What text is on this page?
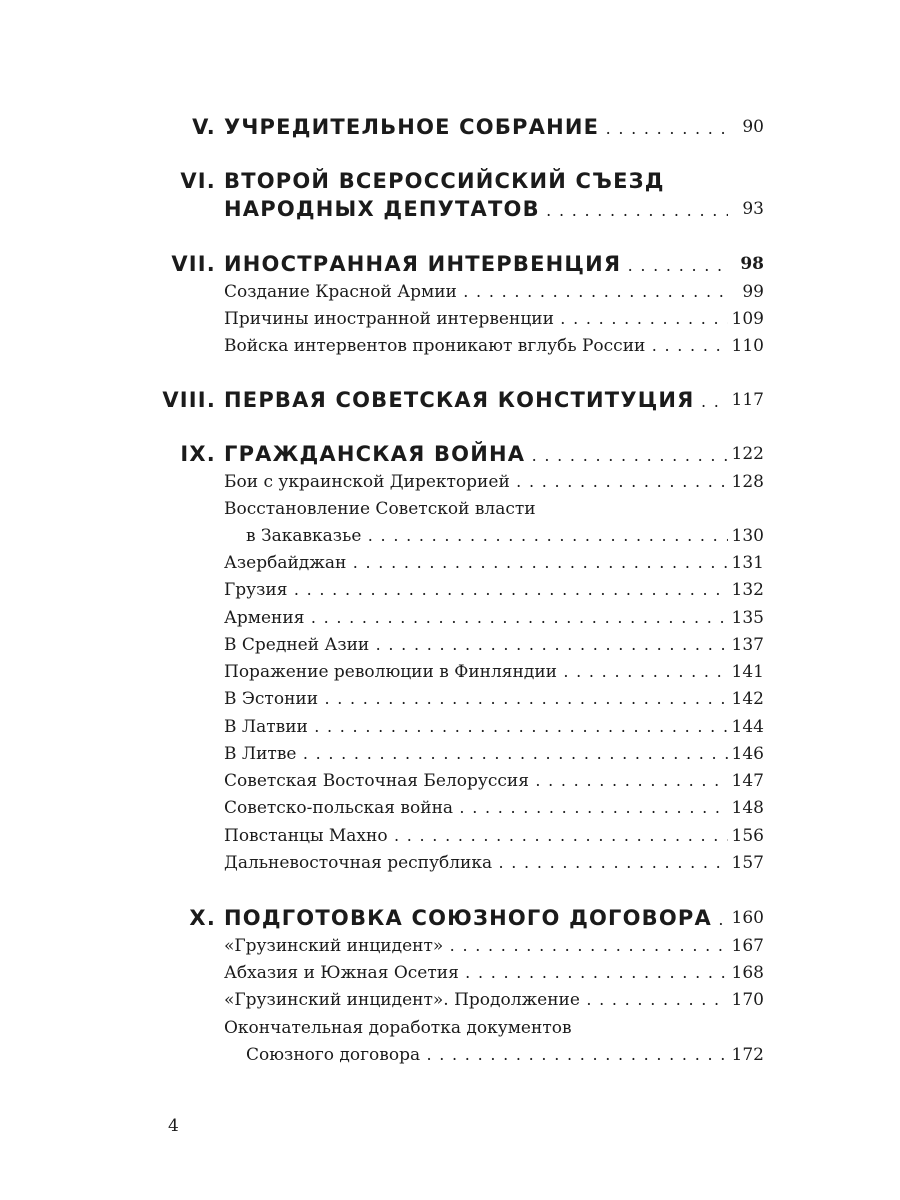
V. УЧРЕДИТЕЛЬНОЕ СОБРАНИЕ . . .	90
VI. ВТОРОЙ ВСЕРОССИЙСКИЙ СЪЕЗД
НАРОДНЫХ ДЕПУТАТОВ . . .	93
VII. ИНОСТРАННАЯ ИНТЕРВЕНЦИЯ . . .	98
Создание Красной Армии . . .	99
Причины иностранной интервенции . . .	109
Войска интервентов проникают вглубь России . . .	110
VIII. ПЕРВАЯ СОВЕТСКАЯ КОНСТИТУЦИЯ . . .	117
IX. ГРАЖДАНСКАЯ ВОЙНА . . .	122
Бои с украинской Директорией . . .	128
Восстановление Советской власти
в Закавказье . . .	130
Азербайджан . . .	131
Грузия . . .	132
Армения . . .	135
В Средней Азии . . .	137
Поражение революции в Финляндии . . .	141
В Эстонии . . .	142
В Латвии . . .	144
В Литве . . .	146
Советская Восточная Белоруссия . . .	147
Советско-польская война . . .	148
Повстанцы Махно . . .	156
Дальневосточная республика . . .	157
X. ПОДГОТОВКА СОЮЗНОГО ДОГОВОРА . . .	160
«Грузинский инцидент» . . .	167
Абхазия и Южная Осетия . . .	168
«Грузинский инцидент». Продолжение . . .	170
Окончательная доработка документов
Союзного договора . . .	172
4
